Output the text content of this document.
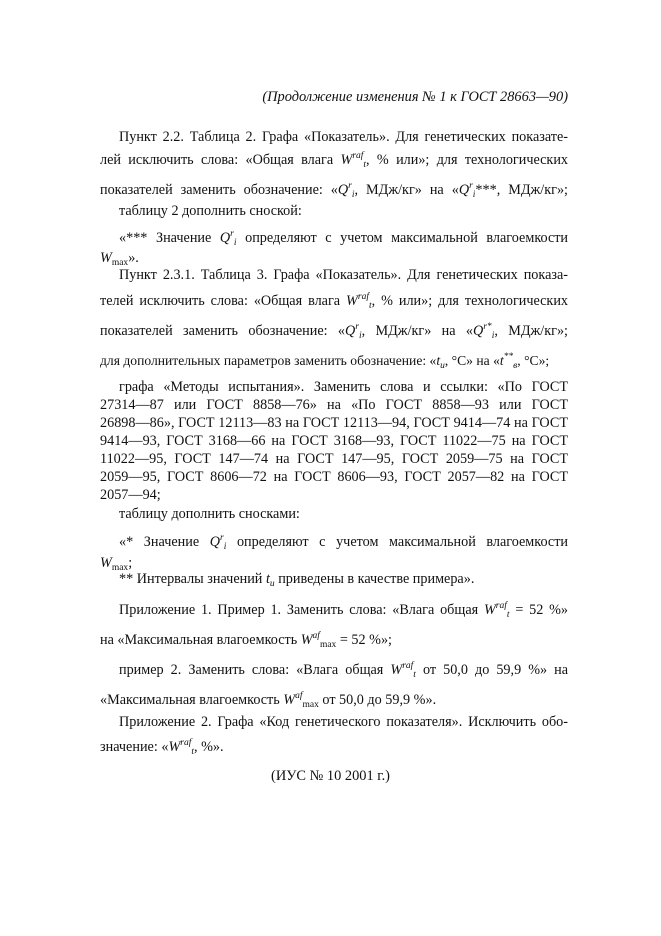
(Продолжение изменения № 1 к ГОСТ 28663—90)
Пункт 2.2. Таблица 2. Графа «Показатель». Для генетических показате-
лей исключить слова: «Общая влага $W^{raf}_t$, % или»; для технологических
показателей заменить обозначение: «$Q^r_i$, МДж/кг» на «$Q^r_i***$, МДж/кг»;
таблицу 2 дополнить сноской:
«*** Значение $Q^r_i$ определяют с учетом максимальной влагоемкости
$W_{max}$».
Пункт 2.3.1. Таблица 3. Графа «Показатель». Для генетических показа-
телей исключить слова: «Общая влага $W^{raf}_t$, % или»; для технологических
показателей заменить обозначение: «$Q^r_i$, МДж/кг» на «$Q^{r*}_i$, МДж/кг»;
для дополнительных параметров заменить обозначение: «$t_u$, °С» на «$t^{**}_в$, °С»;
графа «Методы испытания». Заменить слова и ссылки: «По ГОСТ
27314—87 или ГОСТ 8858—76» на «По ГОСТ 8858—93 или ГОСТ
26898—86», ГОСТ 12113—83 на ГОСТ 12113—94, ГОСТ 9414—74 на ГОСТ
9414—93, ГОСТ 3168—66 на ГОСТ 3168—93, ГОСТ 11022—75 на ГОСТ
11022—95, ГОСТ 147—74 на ГОСТ 147—95, ГОСТ 2059—75 на ГОСТ
2059—95, ГОСТ 8606—72 на ГОСТ 8606—93, ГОСТ 2057—82 на ГОСТ
2057—94;
таблицу дополнить сносками:
«* Значение $Q^r_i$ определяют с учетом максимальной влагоемкости
$W_{max}$;
** Интервалы значений $t_u$ приведены в качестве примера».
Приложение 1. Пример 1. Заменить слова: «Влага общая $W^{raf}_t = 52$ %»
на «Максимальная влагоемкость $W^{af}_{max} = 52$ %»;
пример 2. Заменить слова: «Влага общая $W^{raf}_t$ от 50,0 до 59,9 %» на
«Максимальная влагоемкость $W^{af}_{max}$ от 50,0 до 59,9 %».
Приложение 2. Графа «Код генетического показателя». Исключить обо-
значение: «$W^{raf}_t$, %».
(ИУС № 10 2001 г.)
